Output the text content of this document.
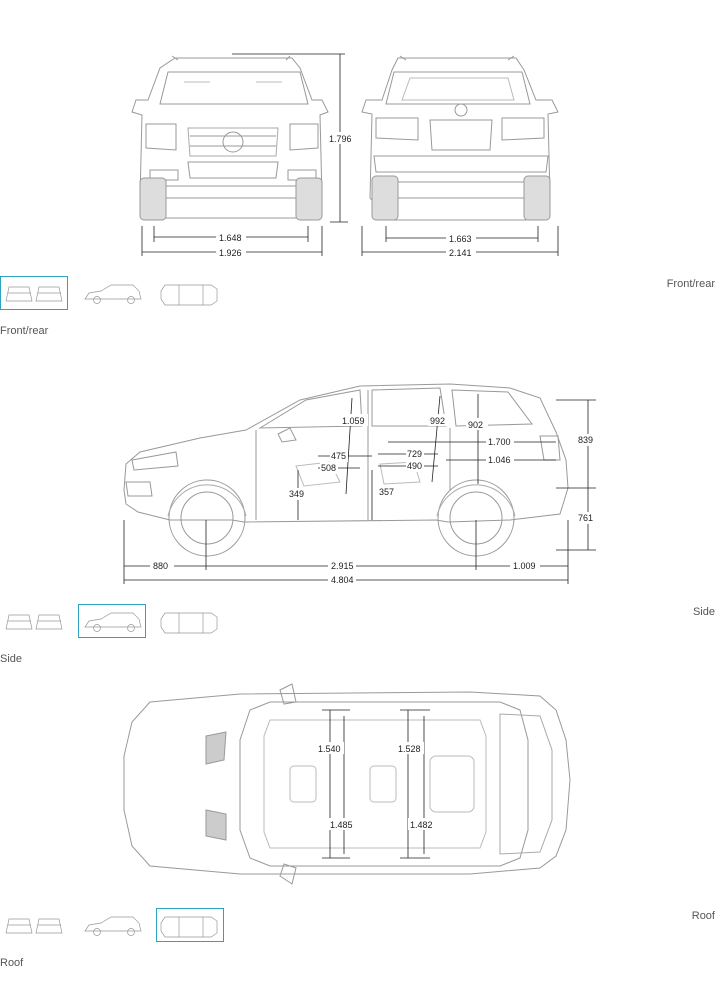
1.796
1.648
1.926
1.663
2.141
Front/rear
Front/rear
880	2.915	1.009
4.804
839
761
1.059	992	902
1.700
1.046
475
508
729
490
349	357
Side
Side
1.540	1.528
1.485	1.482
Roof
Roof
